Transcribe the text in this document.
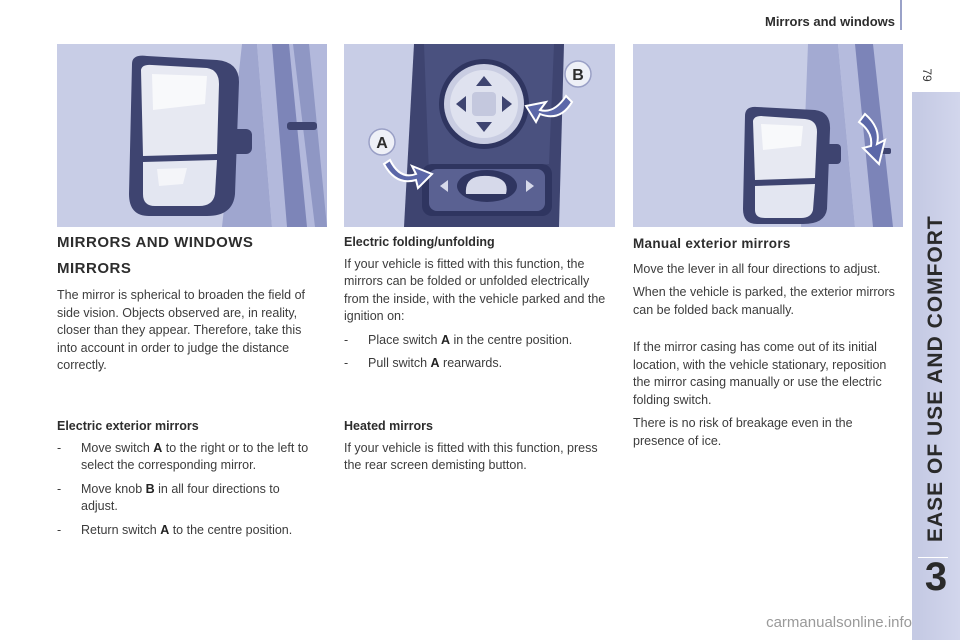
Mirrors and windows
79
EASE OF USE AND COMFORT
3
B
A
MIRRORS AND WINDOWS
MIRRORS

The mirror is spherical to broaden the field of side vision. Objects observed are, in reality, closer than they appear. Therefore, take this into account in order to judge the distance correctly.

Electric exterior mirrors
- Move switch A to the right or to the left to select the corresponding mirror.
- Move knob B in all four directions to adjust.
- Return switch A to the centre position.
Electric folding/unfolding

If your vehicle is fitted with this function, the mirrors can be folded or unfolded electrically from the inside, with the vehicle parked and the ignition on:

- Place switch A in the centre position.
- Pull switch A rearwards.
Heated mirrors

If your vehicle is fitted with this function, press the rear screen demisting button.

Manual exterior mirrors

Move the lever in all four directions to adjust.

When the vehicle is parked, the exterior mirrors can be folded back manually.

If the mirror casing has come out of its initial location, with the vehicle stationary, reposition the mirror casing manually or use the electric folding switch.

There is no risk of breakage even in the presence of ice.

carmanualsonline.info
